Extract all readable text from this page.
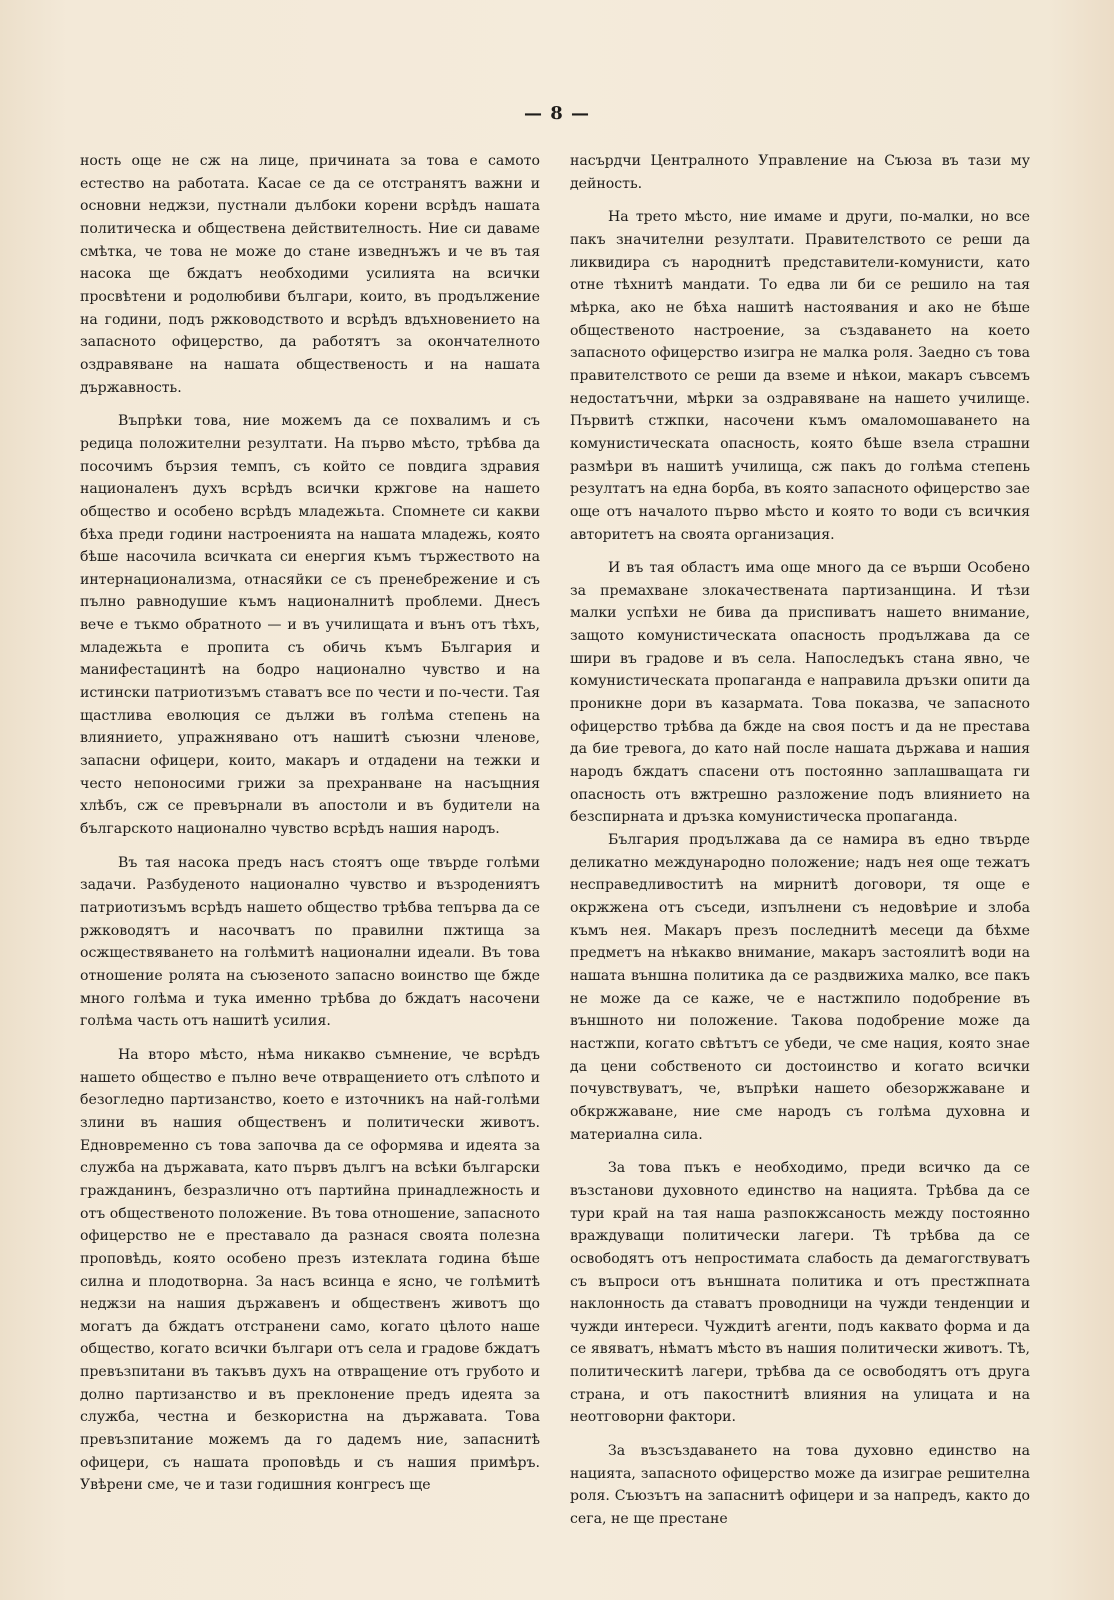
— 8 —

ность още не сж на лице, причината за това е самото естество на работата. Касае се да се отстранятъ важни и основни неджзи, пустнали дълбоки корени всрѣдъ нашата политическа и обществена действителность. Ние си даваме смѣтка, че това не може до стане изведнъжъ и че въ тая насока ще бждатъ необходими усилията на всички просвѣтени и родолюбиви българи, които, въ продължение на години, подъ ржководството и всрѣдъ вдъхновението на запасното офицерство, да работятъ за окончателното оздравяване на нашата общественость и на нашата държавность.

Въпрѣки това, ние можемъ да се похвалимъ и съ редица положителни резултати. На първо мѣсто, трѣбва да посочимъ бързия темпъ, съ който се повдига здравия националенъ духъ всрѣдъ всички кржгове на нашето общество и особено всрѣдъ младежьта. Спомнете си какви бѣха преди години настроенията на нашата младежь, която бѣше насочила всичката си енергия къмъ тържеството на интернационализма, отнасяйки се съ пренебрежение и съ пълно равнодушие къмъ националнитѣ проблеми. Днесъ вече е тъкмо обратното — и въ училищата и вънъ отъ тѣхъ, младежьта е пропита съ обичь къмъ България и манифестацинтѣ на бодро национално чувство и на истински патриотизъмъ ставатъ все по чести и по-чести. Тая щастлива еволюция се дължи въ голѣма степень на влиянието, упражнявано отъ нашитѣ съюзни членове, запасни офицери, които, макаръ и отдадени на тежки и често непоносими грижи за прехранване на насъщния хлѣбъ, сж се превърнали въ апостоли и въ будители на българското национално чувство всрѣдъ нашия народъ.

Въ тая насока предъ насъ стоятъ още твърде голѣми задачи. Разбуденото национално чувство и възродениятъ патриотизъмъ всрѣдъ нашето общество трѣбва тепърва да се ржководятъ и насочватъ по правилни пжтища за осжществяването на голѣмитѣ национални идеали. Въ това отношение ролята на съюзеното запасно воинство ще бжде много голѣма и тука именно трѣбва до бждатъ насочени голѣма часть отъ нашитѣ усилия.

На второ мѣсто, нѣма никакво съмнение, че всрѣдъ нашето общество е пълно вече отвращението отъ слѣпото и безогледно партизанство, което е източникъ на най-голѣми злини въ нашия общественъ и политически животъ. Едновременно съ това започва да се оформява и идеята за служба на държавата, като първъ дългъ на всѣки български гражданинъ, безразлично отъ партийна принадлежность и отъ общественото положение. Въ това отношение, запасното офицерство не е преставало да разнася своята полезна проповѣдь, която особено презъ изтеклата година бѣше силна и плодотворна. За насъ всинца е ясно, че голѣмитѣ неджзи на нашия държавенъ и общественъ животъ що могатъ да бждатъ отстранени само, когато цѣлото наше общество, когато всички българи отъ села и градове бждатъ превъзпитани въ такъвъ духъ на отвращение отъ грубото и долно партизанство и въ преклонение предъ идеята за служба, честна и безкористна на държавата. Това превъзпитание можемъ да го дадемъ ние, запаснитѣ офицери, съ нашата проповѣдь и съ нашия примѣръ. Увѣрени сме, че и тази годишния конгресъ ще

насърдчи Централното Управление на Съюза въ тази му дейность.

На трето мѣсто, ние имаме и други, по-малки, но все пакъ значителни резултати. Правителството се реши да ликвидира съ народнитѣ представители-комунисти, като отне тѣхнитѣ мандати. То едва ли би се решило на тая мѣрка, ако не бѣха нашитѣ настоявания и ако не бѣше общественото настроение, за създаването на което запасното офицерство изигра не малка роля. Заедно съ това правителството се реши да вземе и нѣкои, макаръ съвсемъ недостатъчни, мѣрки за оздравяване на нашето училище. Първитѣ стжпки, насочени къмъ омаломошаването на комунистическата опасность, която бѣше взела страшни размѣри въ нашитѣ училища, сж пакъ до голѣма степень резултатъ на една борба, въ която запасното офицерство зае още отъ началото първо мѣсто и която то води съ всичкия авторитетъ на своята организация.

И въ тая областъ има още много да се върши Особено за премахване злокачествената партизанщина. И тѣзи малки успѣхи не бива да приспиватъ нашето внимание, защото комунистическата опасность продължава да се шири въ градове и въ села. Напоследъкъ стана явно, че комунистическата пропаганда е направила дръзки опити да проникне дори въ казармата. Това показва, че запасното офицерство трѣбва да бжде на своя постъ и да не престава да бие тревога, до като най после нашата държава и нашия народъ бждатъ спасени отъ постоянно заплашващата ги опасность отъ вжтрешно разложение подъ влиянието на безспирната и дръзка комунистическа пропаганда.

България продължава да се намира въ едно твърде деликатно международно положение; надъ нея още тежатъ несправедливоститѣ на мирнитѣ договори, тя още е окржжена отъ съседи, изпълнени съ недовѣрие и злоба къмъ нея. Макаръ презъ последнитѣ месеци да бѣхме предметъ на нѣкакво внимание, макаръ застоялитѣ води на нашата външна политика да се раздвижиха малко, все пакъ не може да се каже, че е настжпило подобрение въ външното ни положение. Такова подобрение може да настжпи, когато свѣтътъ се убеди, че сме нация, която знае да цени собственото си достоинство и когато всички почувствуватъ, че, въпрѣки нашето обезоржжаване и обкржжаване, ние сме народъ съ голѣма духовна и материална сила.

За това пъкъ е необходимо, преди всичко да се възстанови духовното единство на нацията. Трѣбва да се тури край на тая наша разпокжсаность между постоянно враждуващи политически лагери. Тѣ трѣбва да се освободятъ отъ непростимата слабость да демагогствуватъ съ въпроси отъ външната политика и отъ престжпната наклонность да ставатъ проводници на чужди тенденции и чужди интереси. Чуждитѣ агенти, подъ каквато форма и да се явяватъ, нѣматъ мѣсто въ нашия политически животъ. Тѣ, политическитѣ лагери, трѣбва да се освободятъ отъ друга страна, и отъ пакостнитѣ влияния на улицата и на неотговорни фактори.

За възсъздаването на това духовно единство на нацията, запасното офицерство може да изиграе решителна роля. Съюзътъ на запаснитѣ офицери и за напредъ, както до сега, не ще престане
